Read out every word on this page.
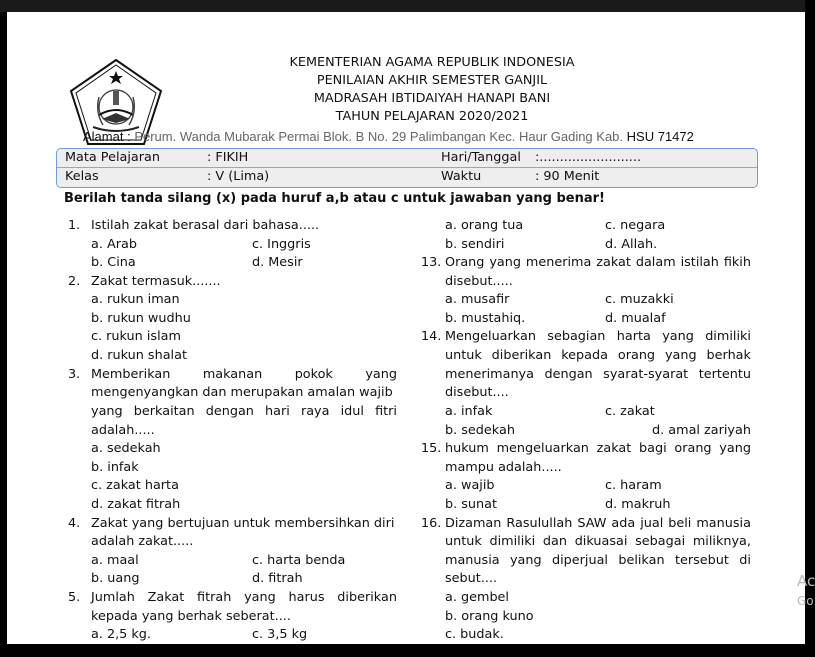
KEMENTERIAN AGAMA REPUBLIK INDONESIA
PENILAIAN AKHIR SEMESTER GANJIL
MADRASAH IBTIDAIYAH HANAPI BANI
TAHUN PELAJARAN 2020/2021
Alamat : Perum. Wanda Mubarak Permai Blok. B No. 29 Palimbangan Kec. Haur Gading Kab. HSU 71472
Mata Pelajaran	: FIKIH	Hari/Tanggal :.........................
Kelas	: V (Lima)	Waktu	: 90 Menit
Berilah tanda silang (x) pada huruf a,b atau c untuk jawaban yang benar!
1. Istilah zakat berasal dari bahasa.....
a. Arab	c. Inggris
b. Cina	d. Mesir
2. Zakat termasuk.......
a. rukun iman
b. rukun wudhu
c. rukun islam
d. rukun shalat
3. Memberikan	makanan	pokok	yang
mengenyangkan dan merupakan amalan wajib
yang berkaitan dengan hari raya idul fitri
adalah.....
a. sedekah
b. infak
c. zakat harta
d. zakat fitrah
4. Zakat yang bertujuan untuk membersihkan diri
adalah zakat.....
a. maal	c. harta benda
b. uang	d. fitrah
5. Jumlah Zakat fitrah yang harus diberikan
kepada yang berhak seberat....
a. 2,5 kg.	c. 3,5 kg
a. orang tua	c. negara
b. sendiri	d. Allah.
13. Orang yang menerima zakat dalam istilah fikih
disebut.....
a. musafir	c. muzakki
b. mustahiq.	d. mualaf
14. Mengeluarkan sebagian harta yang dimiliki
untuk diberikan kepada orang yang berhak
menerimanya dengan syarat-syarat tertentu
disebut....
a. infak	c. zakat
b. sedekah	d. amal zariyah
15. hukum mengeluarkan zakat bagi orang yang
mampu adalah.....
a. wajib	c. haram
b. sunat	d. makruh
16. Dizaman Rasulullah SAW ada jual beli manusia
untuk dimiliki dan dikuasai sebagai miliknya,
manusia yang diperjual belikan tersebut di
sebut....
a. gembel
b. orang kuno
c. budak.
Ac
Go
